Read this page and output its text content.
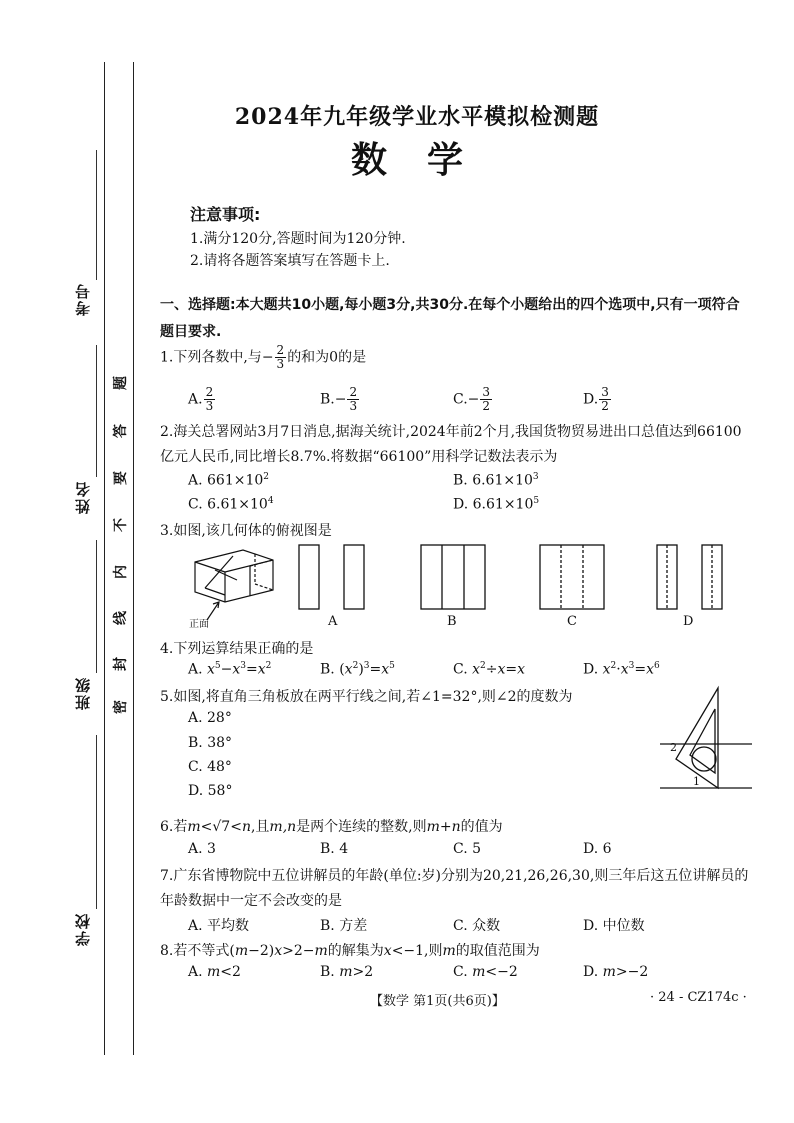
考号
姓名
班级
学校
题
答
要
不
内
线
封
密
2024年九年级学业水平模拟检测题
数学
注意事项:
1.满分120分,答题时间为120分钟.
2.请将各题答案填写在答题卡上.
一、选择题:本大题共10小题,每小题3分,共30分.在每个小题给出的四个选项中,只有一项符合题目要求.
1.下列各数中,与− $\frac{2}{3}$ 的和为0的是
A. $\frac{2}{3}$	$B.- \frac{2}{3}$	$C.- \frac{3}{2}$	D. $\frac{3}{2}$
2.海关总署网站3月7日消息,据海关统计,2024年前2个月,我国货物贸易进出口总值达到66100亿元人民币,同比增长8.7%.将数据“66100”用科学记数法表示为
A. $661\times 10^2$	B. $6.61\times 10^3$
C. $6.61\times 10^4$	D. $6.61\times 10^5$
3.如图,该几何体的俯视图是
正面	A	B	C	D
4.下列运算结果正确的是
A. $x^5-x^3=x^2$	B. $(x^2)^3=x^5$	C. $x^2\div x=x$	D. $x^2\cdot x^3=x^6$
5.如图,将直角三角板放在两平行线之间,若∠1=32°,则∠2的度数为
A. 28°
B. 38°
C. 48°
D. 58°
2
1
6.若m<√7<n,且m,n是两个连续的整数,则m+n的值为
A. 3	B. 4	C. 5	D. 6
7.广东省博物院中五位讲解员的年龄(单位:岁)分别为20,21,26,26,30,则三年后这五位讲解员的年龄数据中一定不会改变的是
A. 平均数	B. 方差	C. 众数	D. 中位数
8.若不等式(m−2)x>2−m的解集为x<−1,则m的取值范围为
A. m<2	B. m>2	C. m<−2	D. m>−2
【数学 第1页(共6页)】	· 24 - CZ174c ·
